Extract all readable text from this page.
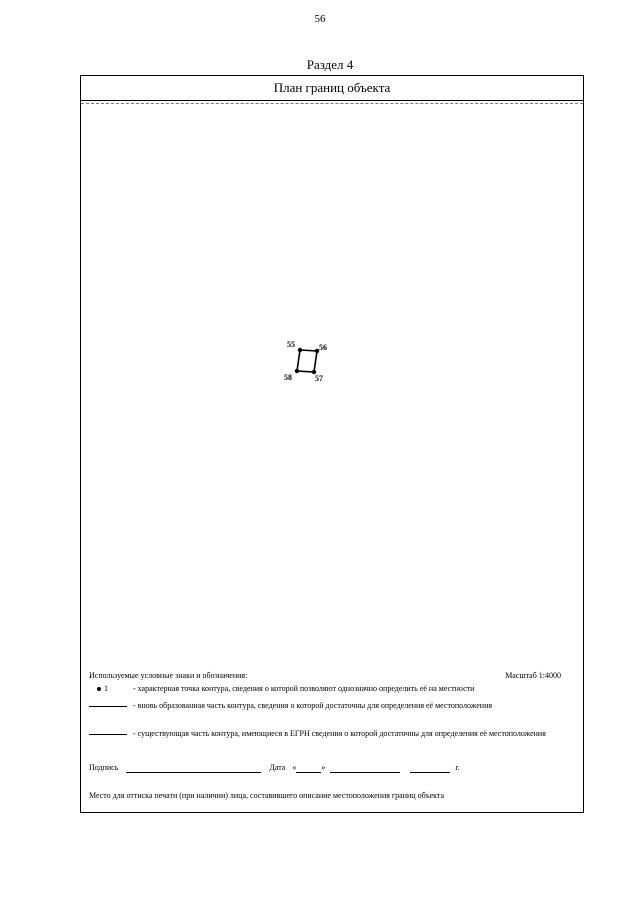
56
Раздел 4
План границ объекта
55	56
57
58
Используемые условные знаки и обозначения:	Масштаб 1:4000
1	- характерная точка контура, сведения о которой позволяют однозначно определить её на местности
- вновь образованная часть контура, сведения о которой достаточны для определения её местоположения
- существующая часть контура, имеющиеся в ЕГРН сведения о которой достаточны для определения её местоположения
Подпись	Дата «	»	г.
Место для оттиска печати (при наличии) лица, составившего описание местоположения границ объекта
